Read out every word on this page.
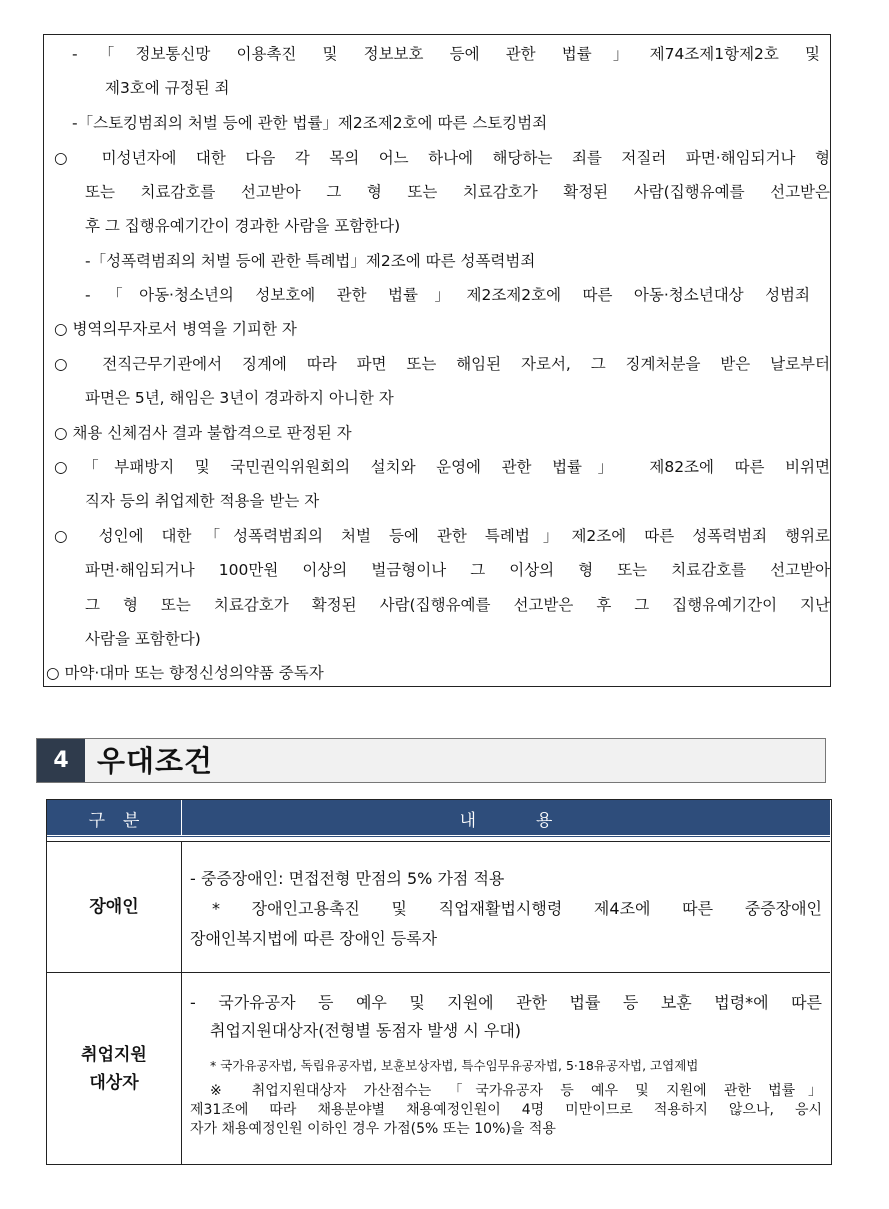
-「정보통신망 이용촉진 및 정보보호 등에 관한 법률」제74조제1항제2호 및
제3호에 규정된 죄
-「스토킹범죄의 처벌 등에 관한 법률」제2조제2호에 따른 스토킹범죄
○ 미성년자에 대한 다음 각 목의 어느 하나에 해당하는 죄를 저질러 파면·해임되거나 형
또는 치료감호를 선고받아 그 형 또는 치료감호가 확정된 사람(집행유예를 선고받은
후 그 집행유예기간이 경과한 사람을 포함한다)
-「성폭력범죄의 처벌 등에 관한 특례법」제2조에 따른 성폭력범죄
-「아동·청소년의 성보호에 관한 법률」제2조제2호에 따른 아동·청소년대상 성범죄
○ 병역의무자로서 병역을 기피한 자
○ 전직근무기관에서 징계에 따라 파면 또는 해임된 자로서, 그 징계처분을 받은 날로부터
파면은 5년, 해임은 3년이 경과하지 아니한 자
○ 채용 신체검사 결과 불합격으로 판정된 자
○「부패방지 및 국민권익위원회의 설치와 운영에 관한 법률」 제82조에 따른 비위면
직자 등의 취업제한 적용을 받는 자
○ 성인에 대한「성폭력범죄의 처벌 등에 관한 특례법」제2조에 따른 성폭력범죄 행위로
파면·해임되거나 100만원 이상의 벌금형이나 그 이상의 형 또는 치료감호를 선고받아
그 형 또는 치료감호가 확정된 사람(집행유예를 선고받은 후 그 집행유예기간이 지난
사람을 포함한다)
○ 마약·대마 또는 향정신성의약품 중독자
4 우대조건
구분	내용
장애인
- 중증장애인: 면접전형 만점의 5% 가점 적용
* 장애인고용촉진 및 직업재활법시행령 제4조에 따른 중증장애인
장애인복지법에 따른 장애인 등록자
취업지원
대상자
- 국가유공자 등 예우 및 지원에 관한 법률 등 보훈 법령*에 따른
취업지원대상자(전형별 동점자 발생 시 우대)
* 국가유공자법, 독립유공자법, 보훈보상자법, 특수임무유공자법, 5·18유공자법, 고엽제법
※ 취업지원대상자 가산점수는 「국가유공자 등 예우 및 지원에 관한 법률」
제31조에 따라 채용분야별 채용예정인원이 4명 미만이므로 적용하지 않으나, 응시
자가 채용예정인원 이하인 경우 가점(5% 또는 10%)을 적용
